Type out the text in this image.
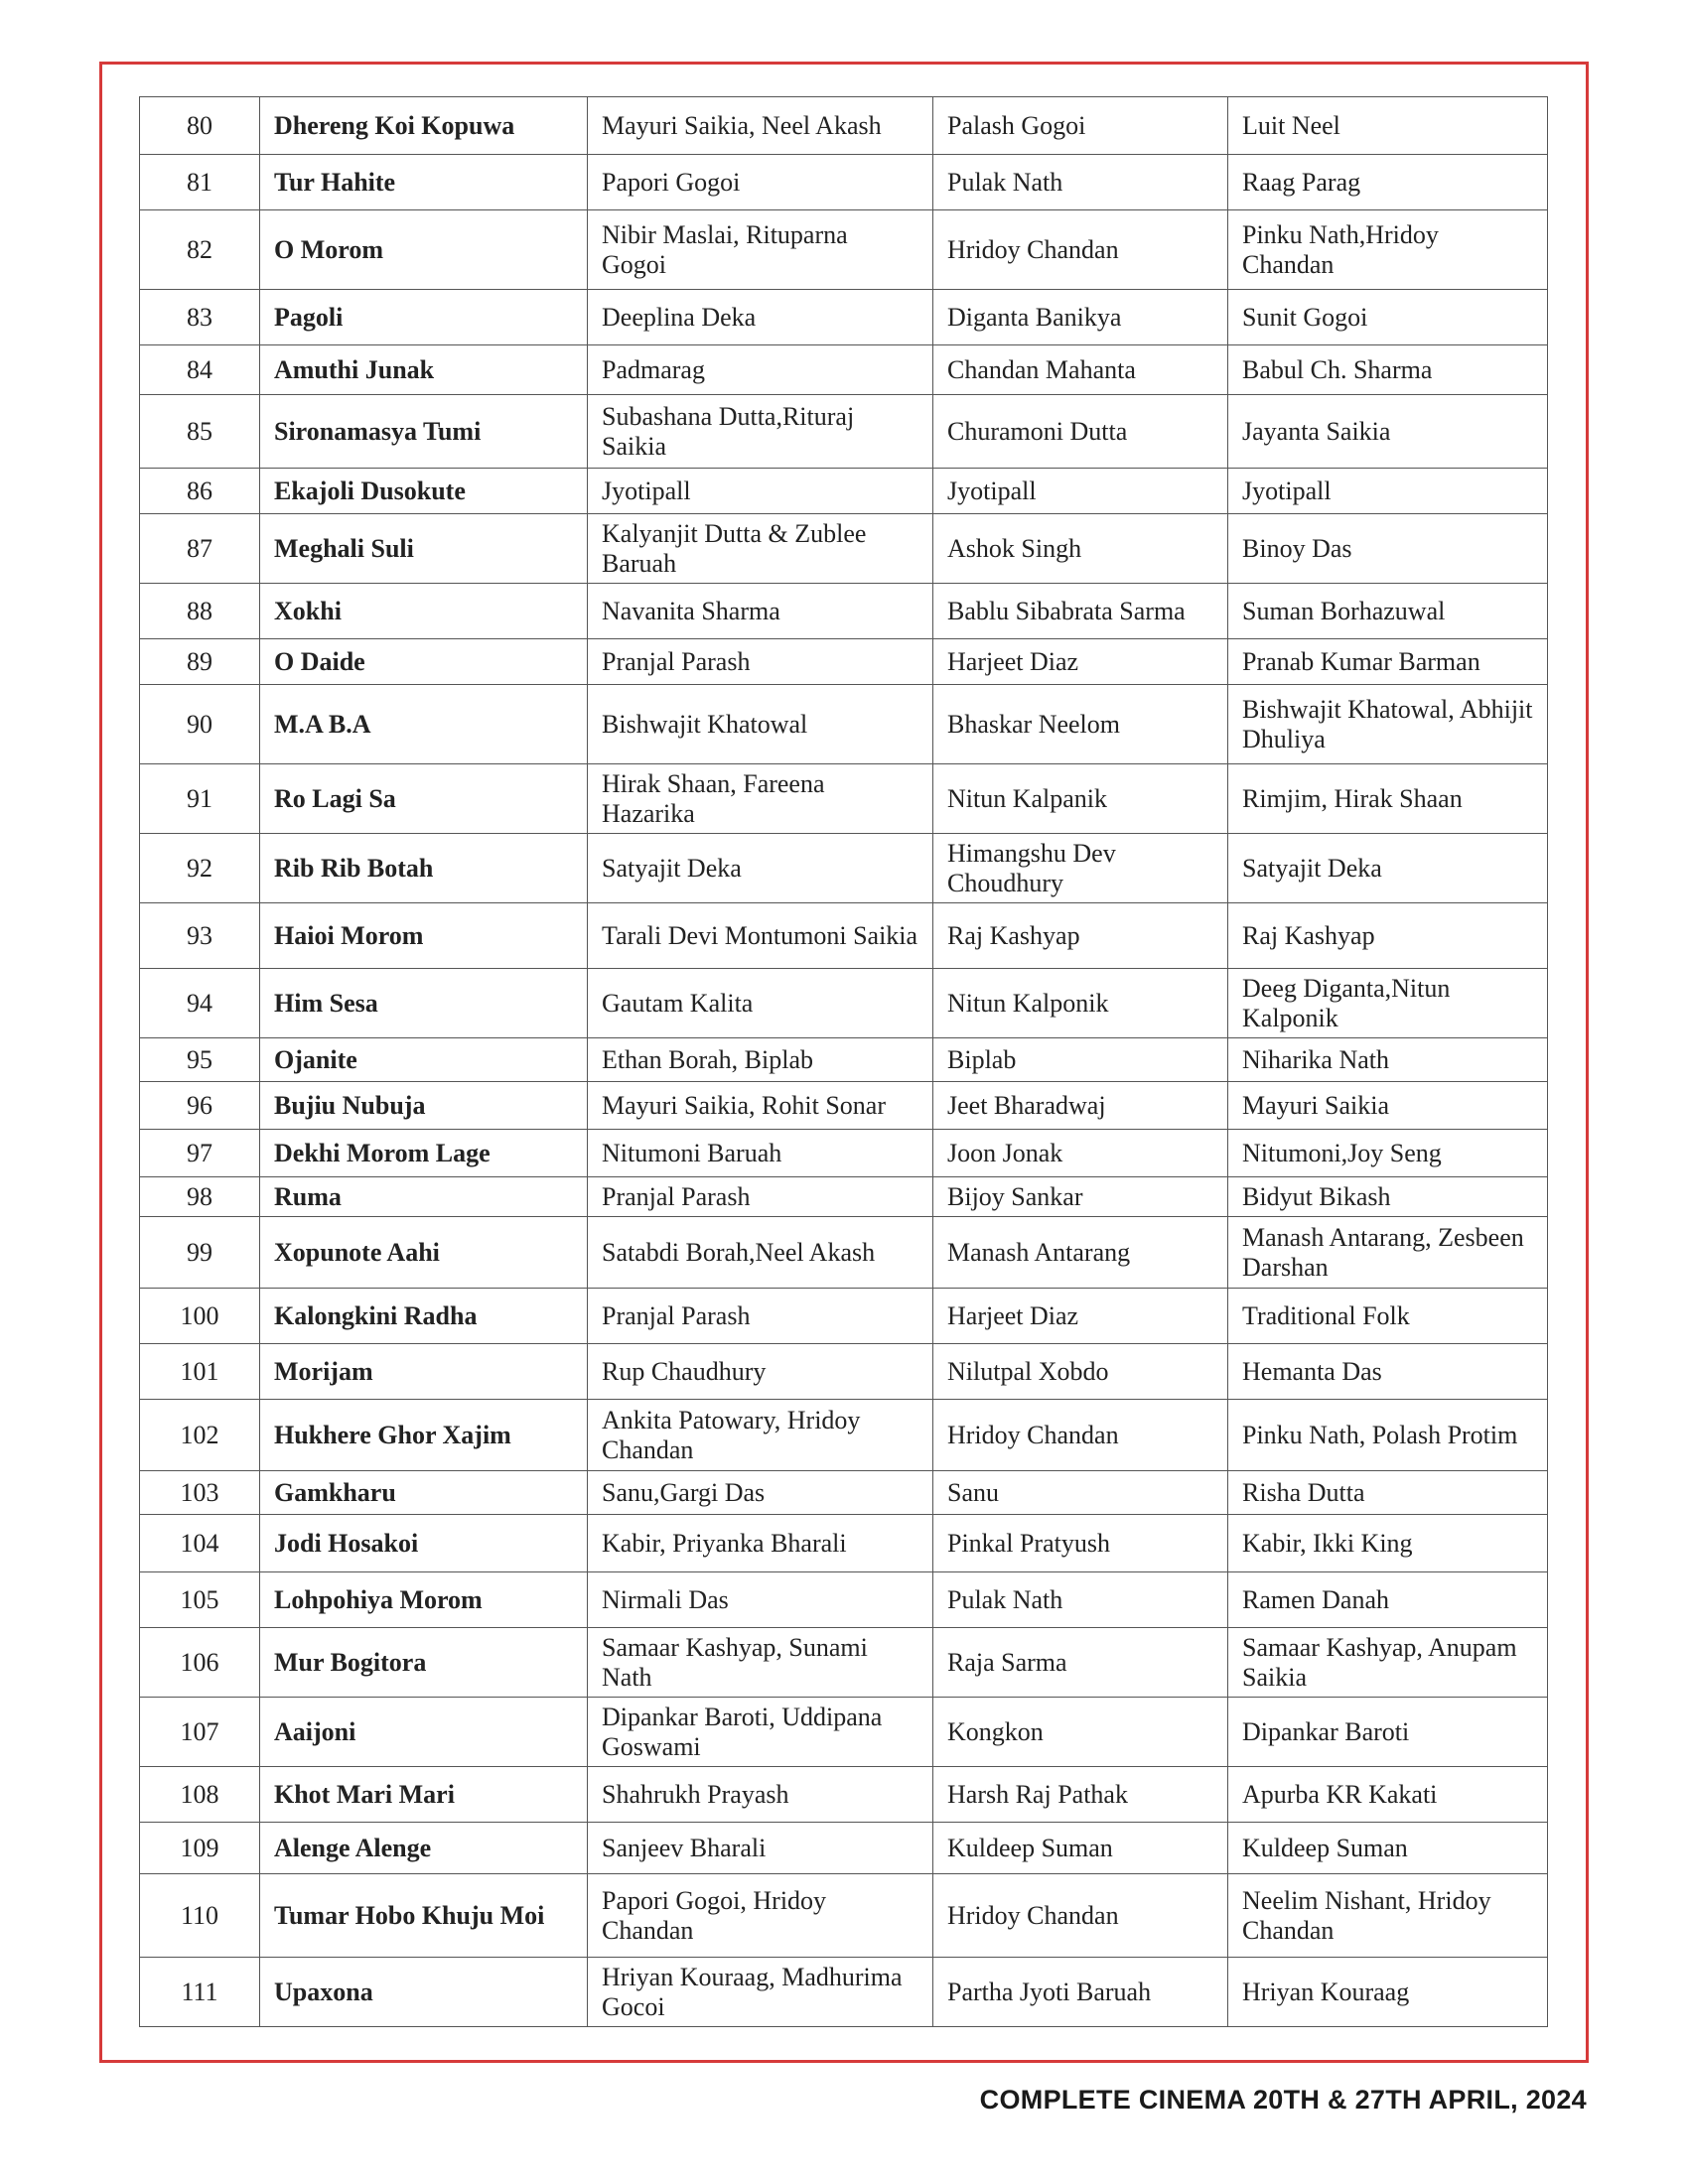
80	Dhereng Koi Kopuwa	Mayuri Saikia, Neel Akash	Palash Gogoi	Luit Neel
81	Tur Hahite	Papori Gogoi	Pulak Nath	Raag Parag
82	O Morom	Nibir Maslai, Rituparna Gogoi	Hridoy Chandan	Pinku Nath,Hridoy Chandan
83	Pagoli	Deeplina Deka	Diganta Banikya	Sunit Gogoi
84	Amuthi Junak	Padmarag	Chandan Mahanta	Babul Ch. Sharma
85	Sironamasya Tumi	Subashana Dutta,Rituraj Saikia	Churamoni Dutta	Jayanta Saikia
86	Ekajoli Dusokute	Jyotipall	Jyotipall	Jyotipall
87	Meghali Suli	Kalyanjit Dutta & Zublee Baruah	Ashok Singh	Binoy Das
88	Xokhi	Navanita Sharma	Bablu Sibabrata Sarma	Suman Borhazuwal
89	O Daide	Pranjal Parash	Harjeet Diaz	Pranab Kumar Barman
90	M.A B.A	Bishwajit Khatowal	Bhaskar Neelom	Bishwajit Khatowal, Abhijit Dhuliya
91	Ro Lagi Sa	Hirak Shaan, Fareena Hazarika	Nitun Kalpanik	Rimjim, Hirak Shaan
92	Rib Rib Botah	Satyajit Deka	Himangshu Dev Choudhury	Satyajit Deka
93	Haioi Morom	Tarali Devi Montumoni Saikia	Raj Kashyap	Raj Kashyap
94	Him Sesa	Gautam Kalita	Nitun Kalponik	Deeg Diganta,Nitun Kalponik
95	Ojanite	Ethan Borah, Biplab	Biplab	Niharika Nath
96	Bujiu Nubuja	Mayuri Saikia, Rohit Sonar	Jeet Bharadwaj	Mayuri Saikia
97	Dekhi Morom Lage	Nitumoni Baruah	Joon Jonak	Nitumoni,Joy Seng
98	Ruma	Pranjal Parash	Bijoy Sankar	Bidyut Bikash
99	Xopunote Aahi	Satabdi Borah,Neel Akash	Manash Antarang	Manash Antarang, Zesbeen Darshan
100	Kalongkini Radha	Pranjal Parash	Harjeet Diaz	Traditional Folk
101	Morijam	Rup Chaudhury	Nilutpal Xobdo	Hemanta Das
102	Hukhere Ghor Xajim	Ankita Patowary, Hridoy Chandan	Hridoy Chandan	Pinku Nath, Polash Protim
103	Gamkharu	Sanu,Gargi Das	Sanu	Risha Dutta
104	Jodi Hosakoi	Kabir, Priyanka Bharali	Pinkal Pratyush	Kabir, Ikki King
105	Lohpohiya Morom	Nirmali Das	Pulak Nath	Ramen Danah
106	Mur Bogitora	Samaar Kashyap, Sunami Nath	Raja Sarma	Samaar Kashyap, Anupam Saikia
107	Aaijoni	Dipankar Baroti, Uddipana Goswami	Kongkon	Dipankar Baroti
108	Khot Mari Mari	Shahrukh Prayash	Harsh Raj Pathak	Apurba KR Kakati
109	Alenge Alenge	Sanjeev Bharali	Kuldeep Suman	Kuldeep Suman
110	Tumar Hobo Khuju Moi	Papori Gogoi, Hridoy Chandan	Hridoy Chandan	Neelim Nishant, Hridoy Chandan
111	Upaxona	Hriyan Kouraag, Madhurima Gocoi	Partha Jyoti Baruah	Hriyan Kouraag
COMPLETE CINEMA 20TH & 27TH APRIL, 2024
